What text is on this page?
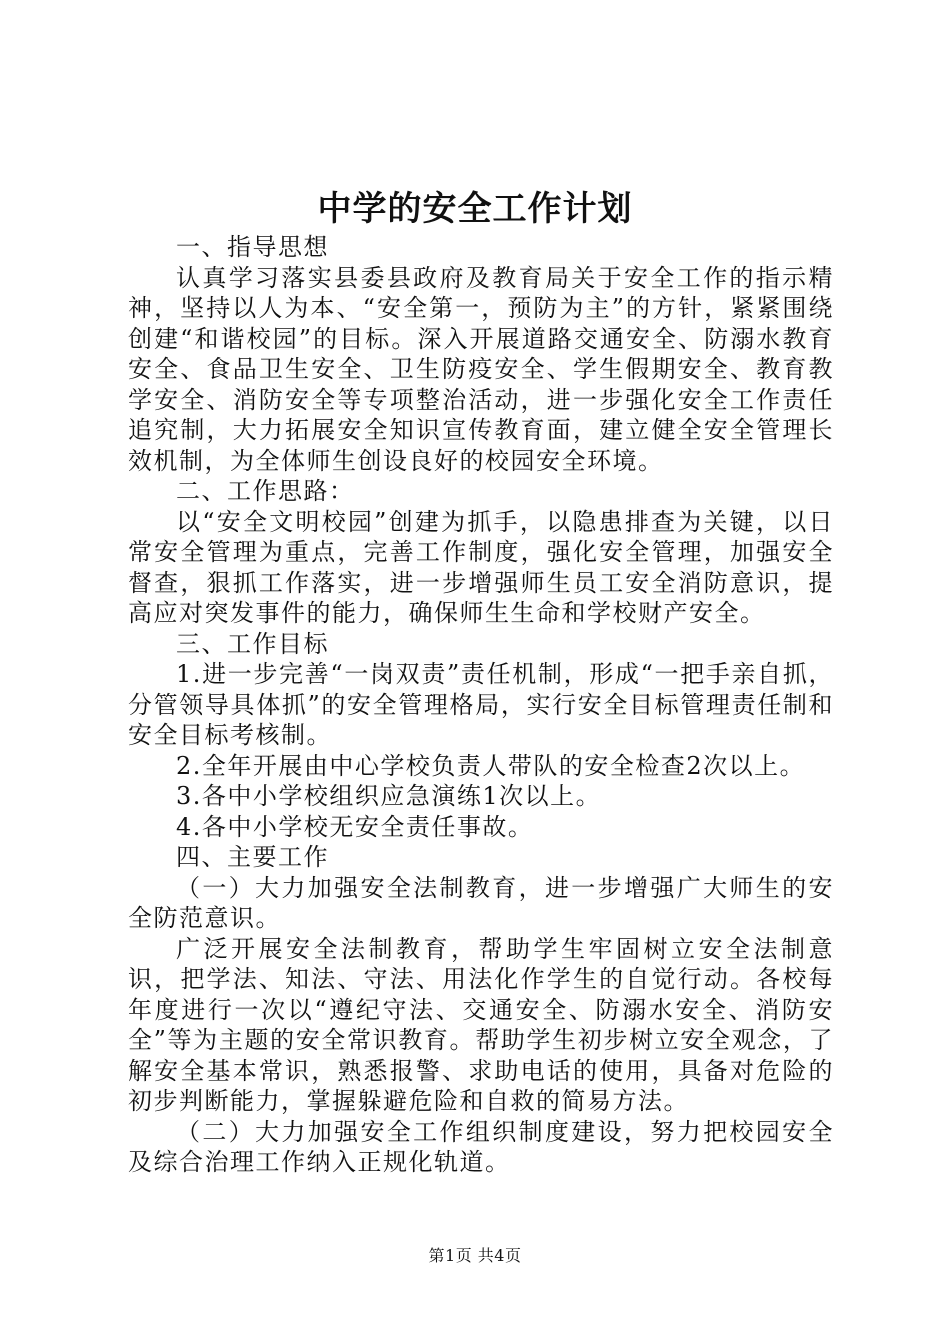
中学的安全工作计划

一、指导思想

认真学习落实县委县政府及教育局关于安全工作的指示精神，坚持以人为本、“安全第一，预防为主”的方针，紧紧围绕创建“和谐校园”的目标。深入开展道路交通安全、防溺水教育安全、食品卫生安全、卫生防疫安全、学生假期安全、教育教学安全、消防安全等专项整治活动，进一步强化安全工作责任追究制，大力拓展安全知识宣传教育面，建立健全安全管理长效机制，为全体师生创设良好的校园安全环境。

二、工作思路：

以“安全文明校园”创建为抓手，以隐患排查为关键，以日常安全管理为重点，完善工作制度，强化安全管理，加强安全督查，狠抓工作落实，进一步增强师生员工安全消防意识，提高应对突发事件的能力，确保师生生命和学校财产安全。

三、工作目标

1.进一步完善“一岗双责”责任机制，形成“一把手亲自抓，分管领导具体抓”的安全管理格局，实行安全目标管理责任制和安全目标考核制。

2.全年开展由中心学校负责人带队的安全检查2次以上。

3.各中小学校组织应急演练1次以上。

4.各中小学校无安全责任事故。

四、主要工作

（一）大力加强安全法制教育，进一步增强广大师生的安全防范意识。

广泛开展安全法制教育，帮助学生牢固树立安全法制意识，把学法、知法、守法、用法化作学生的自觉行动。各校每年度进行一次以“遵纪守法、交通安全、防溺水安全、消防安全”等为主题的安全常识教育。帮助学生初步树立安全观念，了解安全基本常识，熟悉报警、求助电话的使用，具备对危险的初步判断能力，掌握躲避危险和自救的简易方法。

（二）大力加强安全工作组织制度建设，努力把校园安全及综合治理工作纳入正规化轨道。

第1页 共4页
